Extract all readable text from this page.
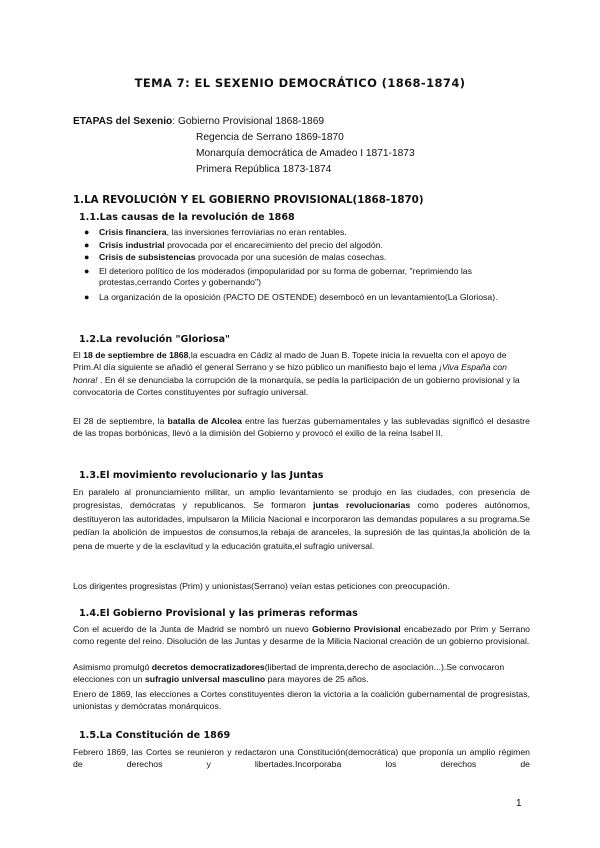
TEMA 7: EL SEXENIO DEMOCRÁTICO (1868-1874)
ETAPAS del Sexenio: Gobierno Provisional 1868-1869
Regencia de Serrano 1869-1870
Monarquía democrática de Amadeo I 1871-1873
Primera República 1873-1874
1.LA REVOLUCIÓN Y EL GOBIERNO PROVISIONAL(1868-1870)
1.1.Las causas de la revolución de 1868
● Crisis financiera, las inversiones ferroviarias no eran rentables.
● Crisis industrial provocada por el encarecimiento del precio del algodón.
● Crisis de subsistencias provocada por una sucesión de malas cosechas.
● El deterioro político de los moderados (impopularidad por su forma de gobernar, "reprimiendo las protestas,cerrando Cortes y gobernando")
● La organización de la oposición (PACTO DE OSTENDE) desembocó en un levantamiento(La Gloriosa).
1.2.La revolución "Gloriosa"
El 18 de septiembre de 1868,la escuadra en Cádiz al mado de Juan B. Topete inicia la revuelta con el apoyo de Prim.Al día siguiente se añadió el general Serrano y se hizo público un manifiesto bajo el lema ¡Viva España con honra! . En él se denunciaba la corrupción de la monarquía, se pedía la participación de un gobierno provisional y la convocatoria de Cortes constituyentes por sufragio universal.
El 28 de septiembre, la batalla de Alcolea entre las fuerzas gubernamentales y las sublevadas significó el desastre de las tropas borbónicas, llevó a la dimisión del Gobierno y provocó el exilio de la reina Isabel II.
1.3.El movimiento revolucionario y las Juntas
En paralelo al pronunciamiento militar, un amplio levantamiento se produjo en las ciudades, con presencia de progresistas, demócratas y republicanos. Se formaron juntas revolucionarias como poderes autónomos, destituyeron las autoridades, impulsaron la Milicia Nacional e incorporaron las demandas populares a su programa.Se pedían la abolición de impuestos de consumos,la rebaja de aranceles, la supresión de las quintas,la abolición de la pena de muerte y de la esclavitud y la educación gratuita,el sufragio universal.
Los dirigentes progresistas (Prim) y unionistas(Serrano) veían estas peticiones con preocupación.
1.4.El Gobierno Provisional y las primeras reformas
Con el acuerdo de la Junta de Madrid se nombró un nuevo Gobierno Provisional encabezado por Prim y Serrano como regente del reino. Disolución de las Juntas y desarme de la Milicia Nacional creación de un gobierno provisional.
Asimismo promulgó decretos democratizadores(libertad de imprenta,derecho de asociación...).Se convocaron elecciones con un sufragio universal masculino para mayores de 25 años.
Enero de 1869, las elecciones a Cortes constituyentes dieron la victoria a la coalición gubernamental de progresistas, unionistas y demócratas monárquicos.
1.5.La Constitución de 1869
Febrero 1869, las Cortes se reunieron y redactaron una Constitución(democrática) que proponía un amplio régimen de derechos y libertades.Incorporaba los derechos de
1
